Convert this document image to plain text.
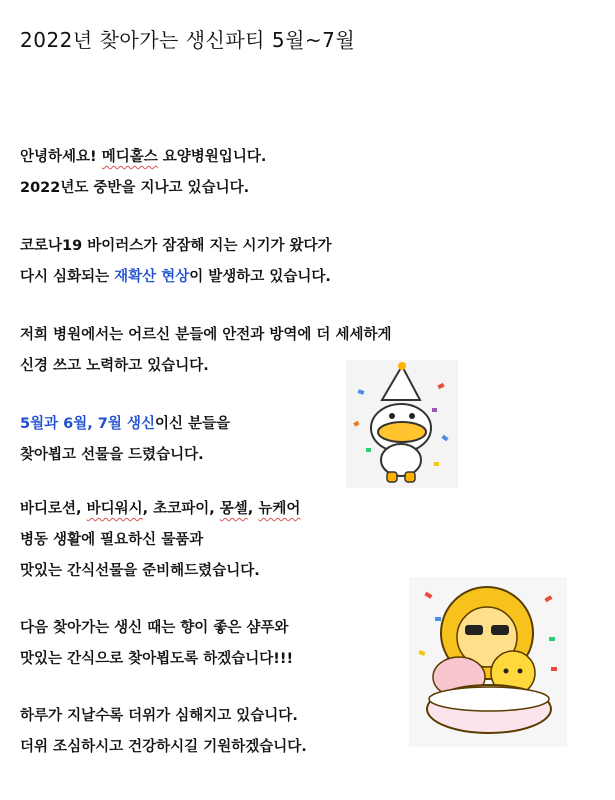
2022년 찾아가는 생신파티 5월~7월
안녕하세요! 메디홀스 요양병원입니다.
2022년도 중반을 지나고 있습니다.
코로나19 바이러스가 잠잠해 지는 시기가 왔다가
다시 심화되는 재확산 현상이 발생하고 있습니다.
저희 병원에서는 어르신 분들에 안전과 방역에 더 세세하게
신경 쓰고 노력하고 있습니다.
5월과 6월, 7월 생신이신 분들을
찾아뵙고 선물을 드렸습니다.
바디로션, 바디워시, 초코파이, 몽셀, 뉴케어
병동 생활에 필요하신 물품과
맛있는 간식선물을 준비해드렸습니다.
다음 찾아가는 생신 때는 향이 좋은 샴푸와
맛있는 간식으로 찾아뵙도록 하겠습니다!!!
하루가 지날수록 더위가 심해지고 있습니다.
더위 조심하시고 건강하시길 기원하겠습니다.
